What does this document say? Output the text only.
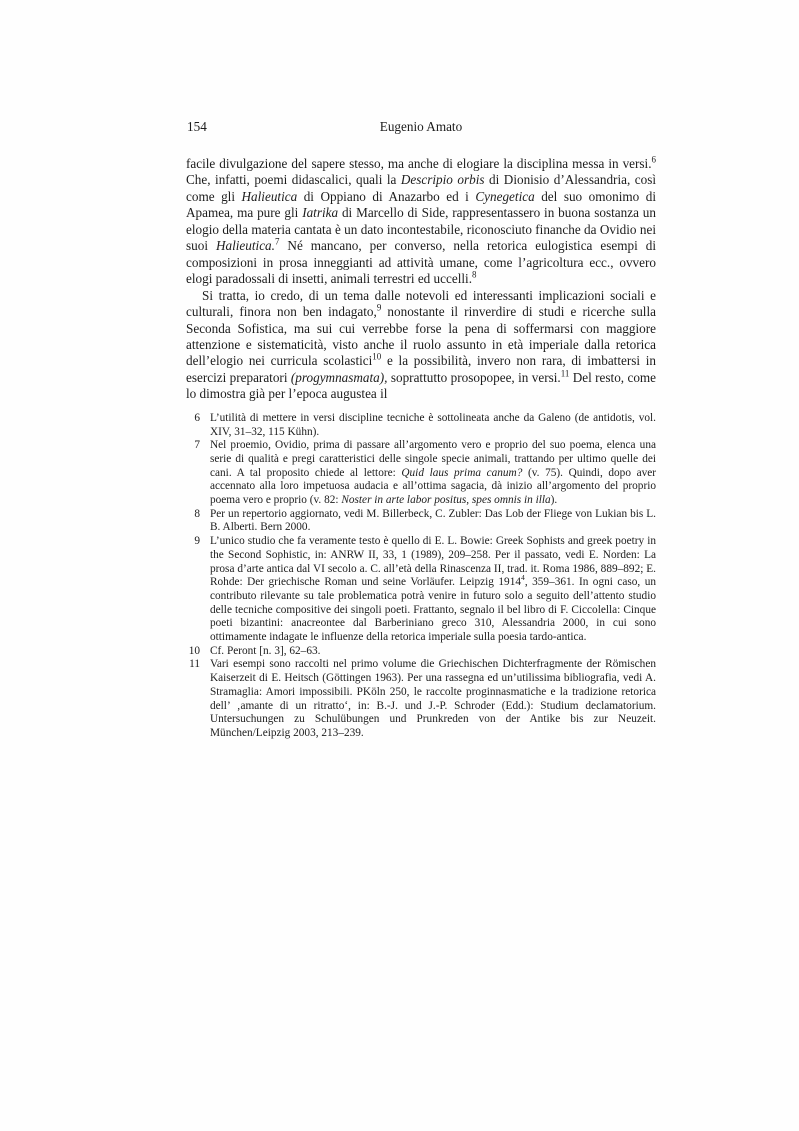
154	Eugenio Amato

facile divulgazione del sapere stesso, ma anche di elogiare la disciplina messa in versi.$^6$ Che, infatti, poemi didascalici, quali la Descripio orbis di Dionisio d’Alessandria, così come gli Halieutica di Oppiano di Anazarbo ed i Cynegetica del suo omonimo di Apamea, ma pure gli Iatrika di Marcello di Side, rappresentassero in buona sostanza un elogio della materia cantata è un dato incontestabile, riconosciuto finanche da Ovidio nei suoi Halieutica.$^7$ Né mancano, per converso, nella retorica eulogistica esempi di composizioni in prosa inneggianti ad attività umane, come l’agricoltura ecc., ovvero elogi paradossali di insetti, animali terrestri ed uccelli.$^8$

Si tratta, io credo, di un tema dalle notevoli ed interessanti implicazioni sociali e culturali, finora non ben indagato,$^9$ nonostante il rinverdire di studi e ricerche sulla Seconda Sofistica, ma sui cui verrebbe forse la pena di soffermarsi con maggiore attenzione e sistematicità, visto anche il ruolo assunto in età imperiale dalla retorica dell’elogio nei curricula scolastici$^{10}$ e la possibilità, invero non rara, di imbattersi in esercizi preparatori (progymnasmata), soprattutto prosopopee, in versi.$^{11}$ Del resto, come lo dimostra già per l’epoca augustea il

6 L’utilità di mettere in versi discipline tecniche è sottolineata anche da Galeno (de antidotis, vol. XIV, 31–32, 115 Kühn).
7 Nel proemio, Ovidio, prima di passare all’argomento vero e proprio del suo poema, elenca una serie di qualità e pregi caratteristici delle singole specie animali, trattando per ultimo quelle dei cani. A tal proposito chiede al lettore: Quid laus prima canum? (v. 75). Quindi, dopo aver accennato alla loro impetuosa audacia e all’ottima sagacia, dà inizio all’argomento del proprio poema vero e proprio (v. 82: Noster in arte labor positus, spes omnis in illa).
8 Per un repertorio aggiornato, vedi M. Billerbeck, C. Zubler: Das Lob der Fliege von Lukian bis L. B. Alberti. Bern 2000.
9 L’unico studio che fa veramente testo è quello di E. L. Bowie: Greek Sophists and greek poetry in the Second Sophistic, in: ANRW II, 33, 1 (1989), 209–258. Per il passato, vedi E. Norden: La prosa d’arte antica dal VI secolo a. C. all’età della Rinascenza II, trad. it. Roma 1986, 889–892; E. Rohde: Der griechische Roman und seine Vorläufer. Leipzig 1914$^4$, 359–361. In ogni caso, un contributo rilevante su tale problematica potrà venire in futuro solo a seguito dell’attento studio delle tecniche compositive dei singoli poeti. Frattanto, segnalo il bel libro di F. Ciccolella: Cinque poeti bizantini: anacreontee dal Barberiniano greco 310, Alessandria 2000, in cui sono ottimamente indagate le influenze della retorica imperiale sulla poesia tardo-antica.
10 Cf. Peront [n. 3], 62–63.
11 Vari esempi sono raccolti nel primo volume die Griechischen Dichterfragmente der Römischen Kaiserzeit di E. Heitsch (Göttingen 1963). Per una rassegna ed un’utilissima bibliografia, vedi A. Stramaglia: Amori impossibili. PKöln 250, le raccolte proginnasmatiche e la tradizione retorica dell’ ‚amante di un ritratto‘, in: B.-J. und J.-P. Schroder (Edd.): Studium declamatorium. Untersuchungen zu Schulübungen und Prunkreden von der Antike bis zur Neuzeit. München/Leipzig 2003, 213–239.
